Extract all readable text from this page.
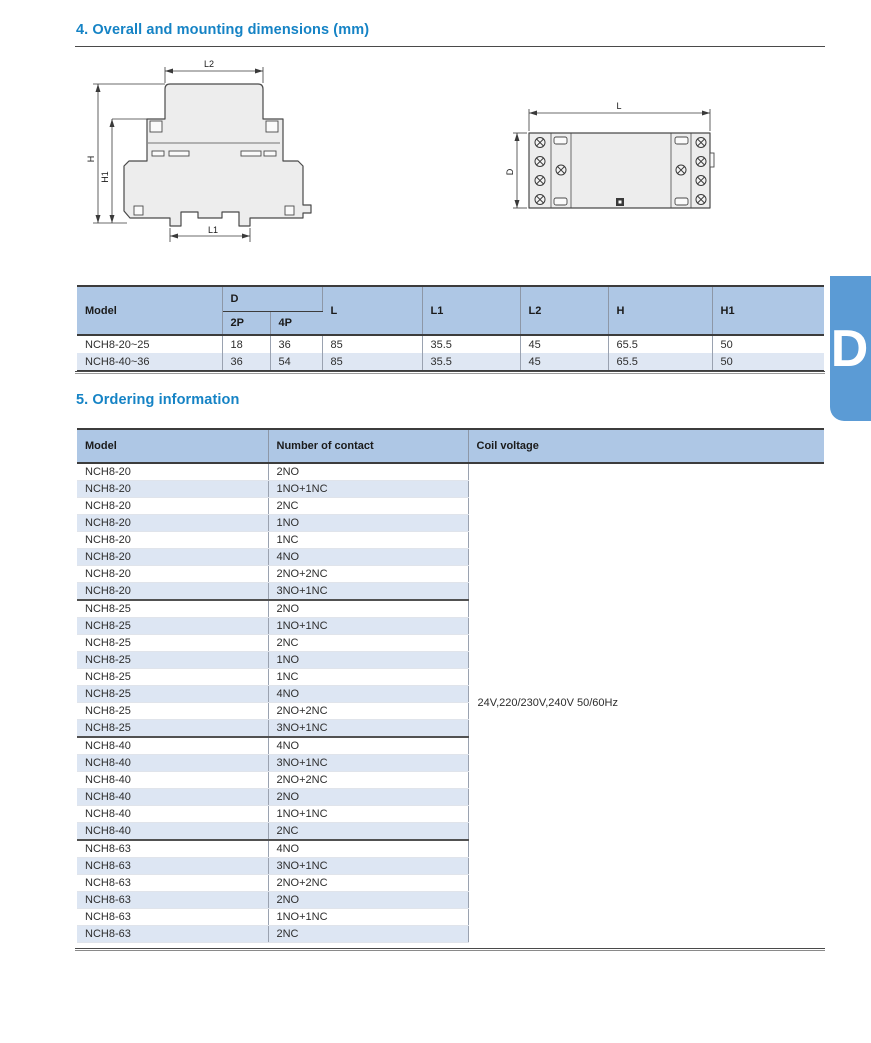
4. Overall and mounting dimensions (mm)
L2
H
H1
L1
L
D
Model	D		L	L1	L2	H	H1
	2P	4P					
NCH8-20~25	18	36	85	35.5	45	65.5	50
NCH8-40~36	36	54	85	35.5	45	65.5	50
5. Ordering information
Model	Number of contact	Coil voltage
NCH8-20	2NO	24V,220/230V,240V 50/60Hz
NCH8-20	1NO+1NC	
NCH8-20	2NC	
NCH8-20	1NO	
NCH8-20	1NC	
NCH8-20	4NO	
NCH8-20	2NO+2NC	
NCH8-20	3NO+1NC	
NCH8-25	2NO	
NCH8-25	1NO+1NC	
NCH8-25	2NC	
NCH8-25	1NO	
NCH8-25	1NC	
NCH8-25	4NO	
NCH8-25	2NO+2NC	
NCH8-25	3NO+1NC	
NCH8-40	4NO	
NCH8-40	3NO+1NC	
NCH8-40	2NO+2NC	
NCH8-40	2NO	
NCH8-40	1NO+1NC	
NCH8-40	2NC	
NCH8-63	4NO	
NCH8-63	3NO+1NC	
NCH8-63	2NO+2NC	
NCH8-63	2NO	
NCH8-63	1NO+1NC	
NCH8-63	2NC	
D
